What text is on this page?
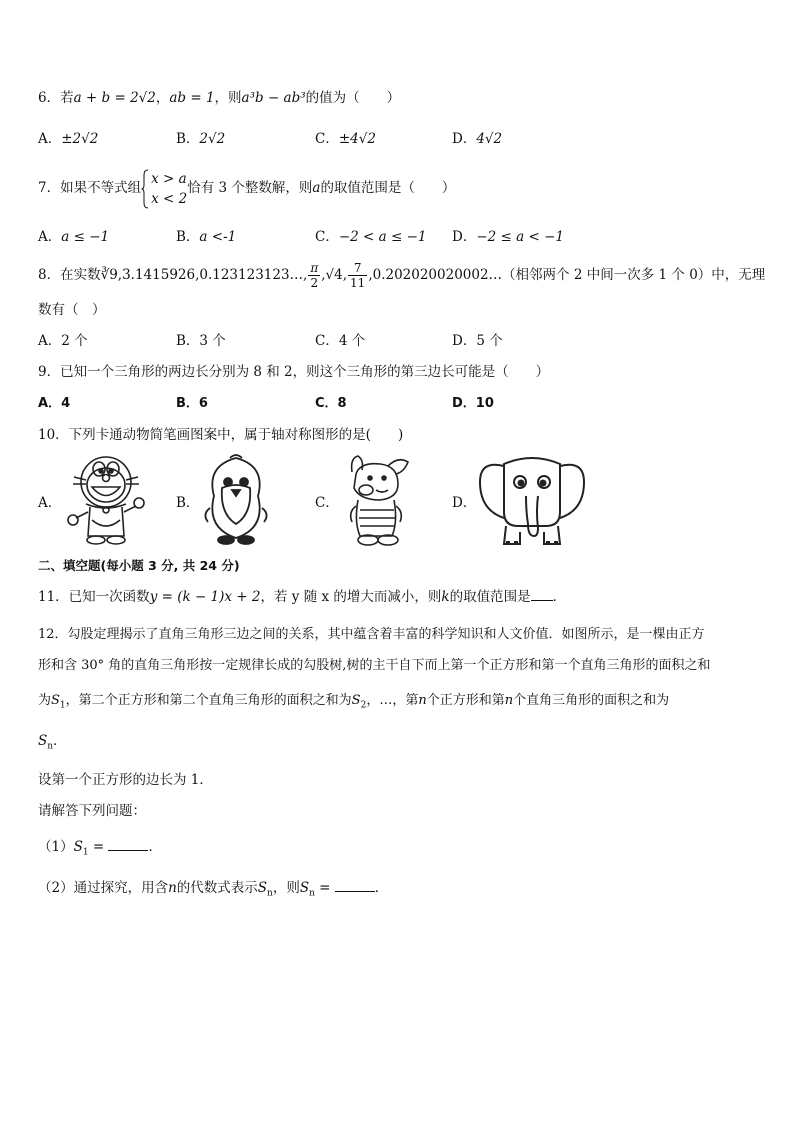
6．若a + b = 2√2，ab = 1，则a³b − ab³的值为（　　）
A．±2√2	B．2√2	C．±4√2	D．4√2
7．如果不等式组
x > a
x < 2
恰有 3 个整数解，则a的取值范围是（　　）
A．a ≤ −1	B．a <-1	C．−2 < a ≤ −1 D．−2 ≤ a < −1
8．在实数∛9,3.1415926,0.123123123…, $\frac{\pi}{2} ,√4$, $\frac{7}{11}$ ,0.202020020002…（相邻两个 2 中间一次多 1 个 0）中，无理
数有（　）
A．2 个	B．3 个	C．4 个	D．5 个
9．已知一个三角形的两边长分别为 8 和 2，则这个三角形的第三边长可能是（　　）
A．4	B．6	C．8	D．10
10．下列卡通动物简笔画图案中，属于轴对称图形的是(　　)
A．	B．	C．	D．
二、填空题(每小题 3 分, 共 24 分)
11．已知一次函数y = (k − 1)x + 2，若 y 随 x 的增大而减小，则k的取值范围是 ．
12．勾股定理揭示了直角三角形三边之间的关系，其中蕴含着丰富的科学知识和人文价值．如图所示，是一棵由正方
形和含 30° 角的直角三角形按一定规律长成的勾股树,树的主干自下而上第一个正方形和第一个直角三角形的面积之和
为$S_1$，第二个正方形和第二个直角三角形的面积之和为$S_2$，…，第n个正方形和第n个直角三角形的面积之和为
$S_n$．
设第一个正方形的边长为 1．
请解答下列问题：
$(1)S_1$ =	．
（2）通过探究，用含n的代数式表示$S_n$，则$S_n$ =	．
